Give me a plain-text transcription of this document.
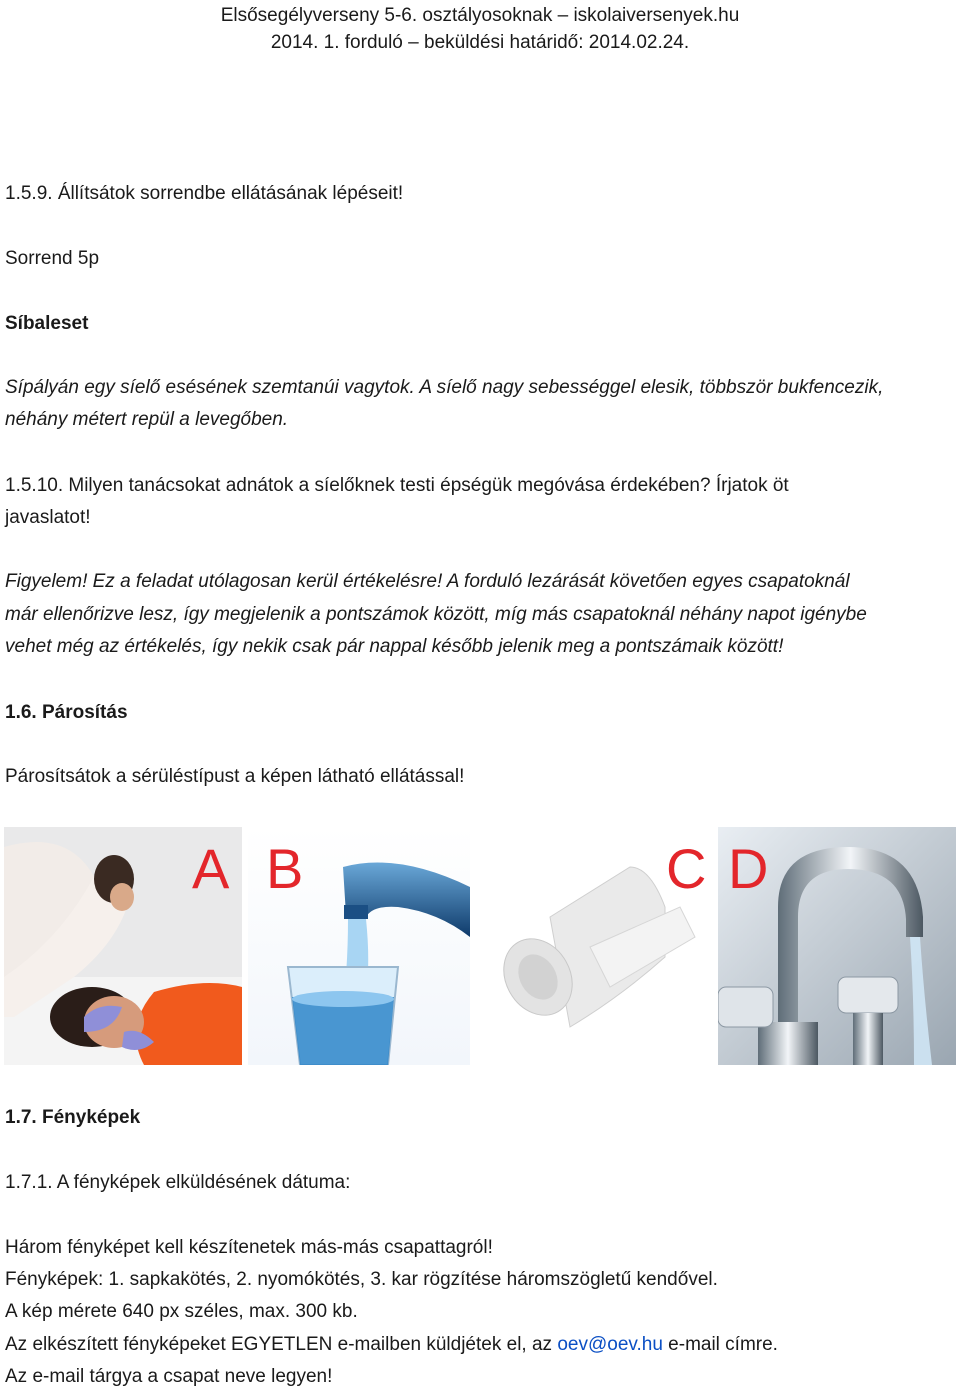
Elsősegélyverseny 5-6. osztályosoknak – iskolaiversenyek.hu
2014. 1. forduló – beküldési határidő: 2014.02.24.
1.5.9. Állítsátok sorrendbe ellátásának lépéseit!
Sorrend 5p
Síbaleset
Sípályán egy síelő esésének szemtanúi vagytok. A síelő nagy sebességgel elesik, többször bukfencezik,
néhány métert repül a levegőben.
1.5.10. Milyen tanácsokat adnátok a síelőknek testi épségük megóvása érdekében? Írjatok öt
javaslatot!
Figyelem! Ez a feladat utólagosan kerül értékelésre! A forduló lezárását követően egyes csapatoknál
már ellenőrizve lesz, így megjelenik a pontszámok között, míg más csapatoknál néhány napot igénybe
vehet még az értékelés, így nekik csak pár nappal később jelenik meg a pontszámaik között!
1.6. Párosítás
Párosítsátok a sérüléstípust a képen látható ellátással!
A B	C D
1.7. Fényképek
1.7.1. A fényképek elküldésének dátuma:
Három fényképet kell készítenetek más-más csapattagról!
Fényképek: 1. sapkakötés, 2. nyomókötés, 3. kar rögzítése háromszögletű kendővel.
A kép mérete 640 px széles, max. 300 kb.
Az elkészített fényképeket EGYETLEN e-mailben küldjétek el, az oev@oev.hu e-mail címre.
Az e-mail tárgya a csapat neve legyen!
